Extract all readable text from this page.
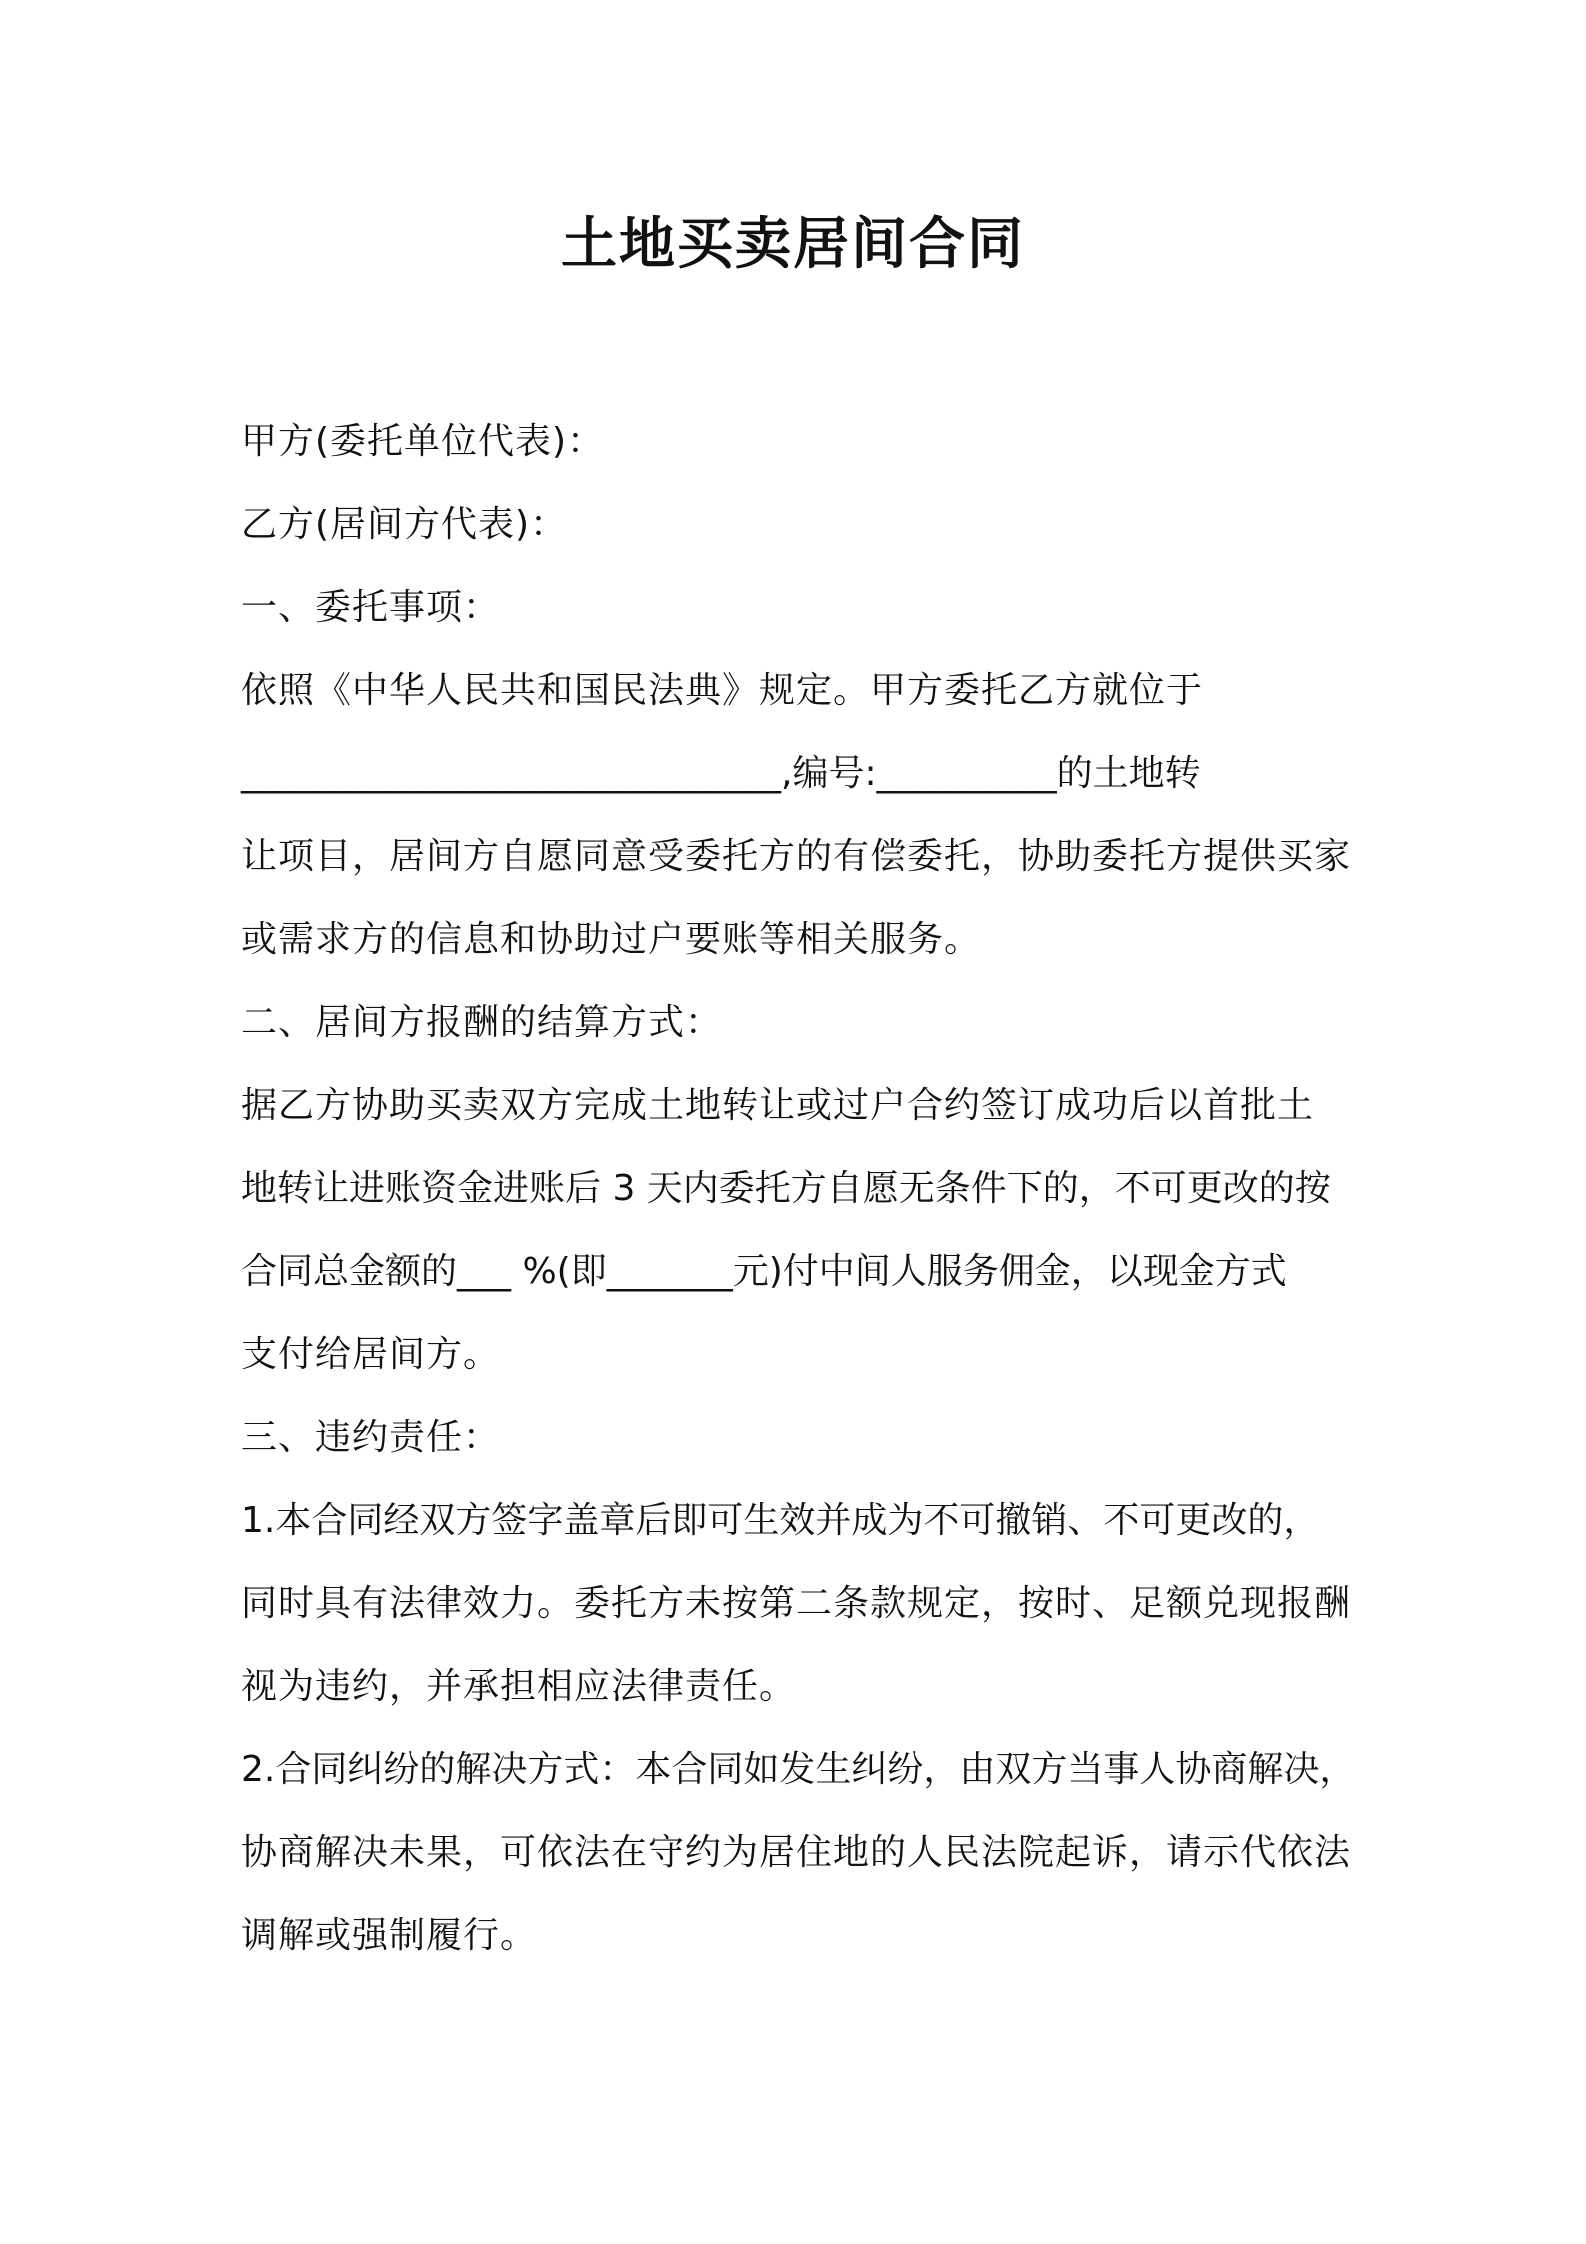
土地买卖居间合同
甲方(委托单位代表)：
乙方(居间方代表)：
一、委托事项：
依照《中华人民共和国民法典》规定。甲方委托乙方就位于
______________________________,编号:__________的土地转
让项目，居间方自愿同意受委托方的有偿委托，协助委托方提供买家
或需求方的信息和协助过户要账等相关服务。
二、居间方报酬的结算方式：
据乙方协助买卖双方完成土地转让或过户合约签订成功后以首批土
地转让进账资金进账后 3 天内委托方自愿无条件下的，不可更改的按
合同总金额的___ %(即_______元)付中间人服务佣金，以现金方式
支付给居间方。
三、违约责任：
1.本合同经双方签字盖章后即可生效并成为不可撤销、不可更改的，
同时具有法律效力。委托方未按第二条款规定，按时、足额兑现报酬
视为违约，并承担相应法律责任。
2.合同纠纷的解决方式：本合同如发生纠纷，由双方当事人协商解决，
协商解决未果，可依法在守约为居住地的人民法院起诉，请示代依法
调解或强制履行。
